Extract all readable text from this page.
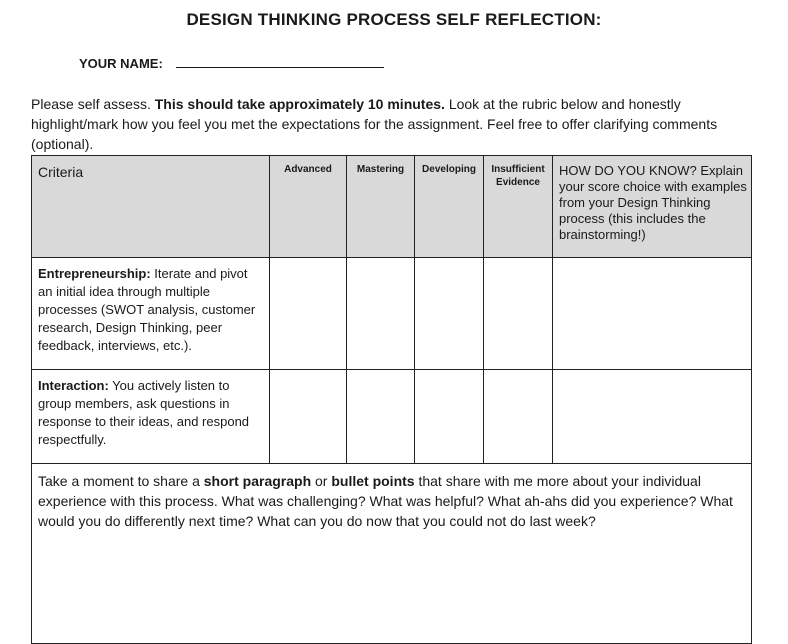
DESIGN THINKING PROCESS SELF REFLECTION:
YOUR NAME:
Please self assess. This should take approximately 10 minutes. Look at the rubric below and honestly highlight/mark how you feel you met the expectations for the assignment. Feel free to offer clarifying comments (optional).
Criteria	Advanced	Mastering	Developing	Insufficient Evidence	HOW DO YOU KNOW? Explain your score choice with examples from your Design Thinking process (this includes the brainstorming!)
Entrepreneurship: Iterate and pivot an initial idea through multiple processes (SWOT analysis, customer research, Design Thinking, peer feedback, interviews, etc.).					
Interaction: You actively listen to group members, ask questions in response to their ideas, and respond respectfully.					
Take a moment to share a short paragraph or bullet points that share with me more about your individual experience with this process. What was challenging? What was helpful? What ah-ahs did you experience? What would you do differently next time? What can you do now that you could not do last week?					
